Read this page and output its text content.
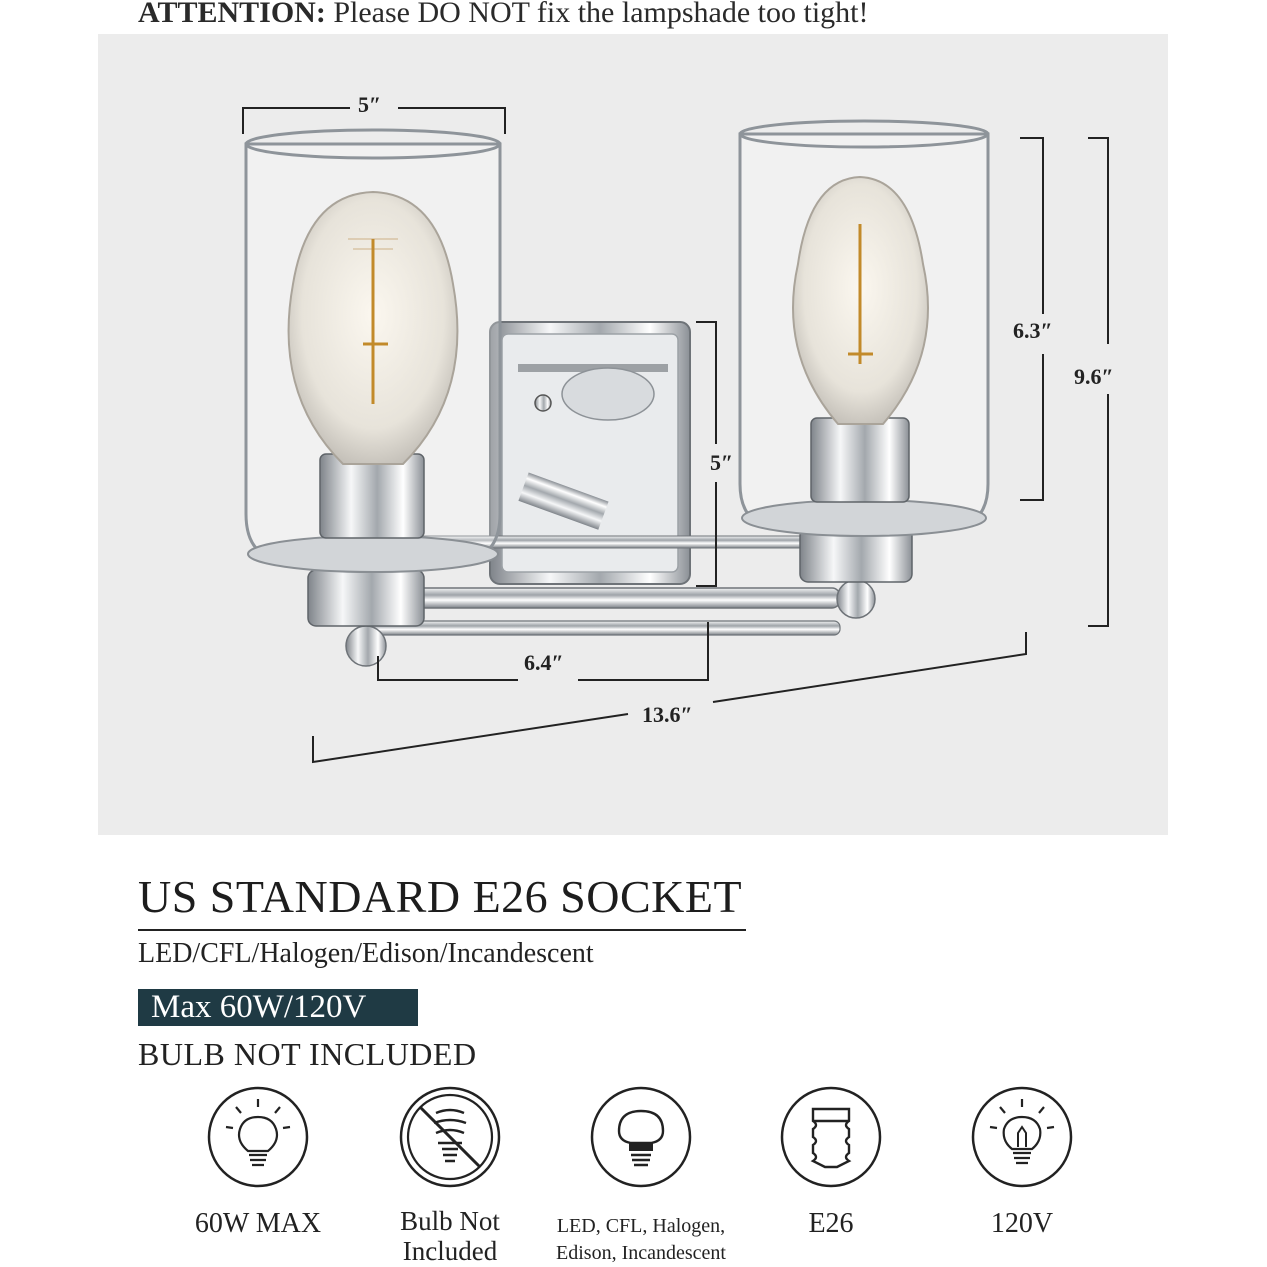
ATTENTION: Please DO NOT fix the lampshade too tight!
5″
6.3″
9.6″
5″
6.4″
13.6″
US STANDARD E26 SOCKET
LED/CFL/Halogen/Edison/Incandescent
Max 60W/120V
BULB NOT INCLUDED
60W MAX	Bulb Not
Included
LED, CFL, Halogen,
Edison, Incandescent
E26	120V
